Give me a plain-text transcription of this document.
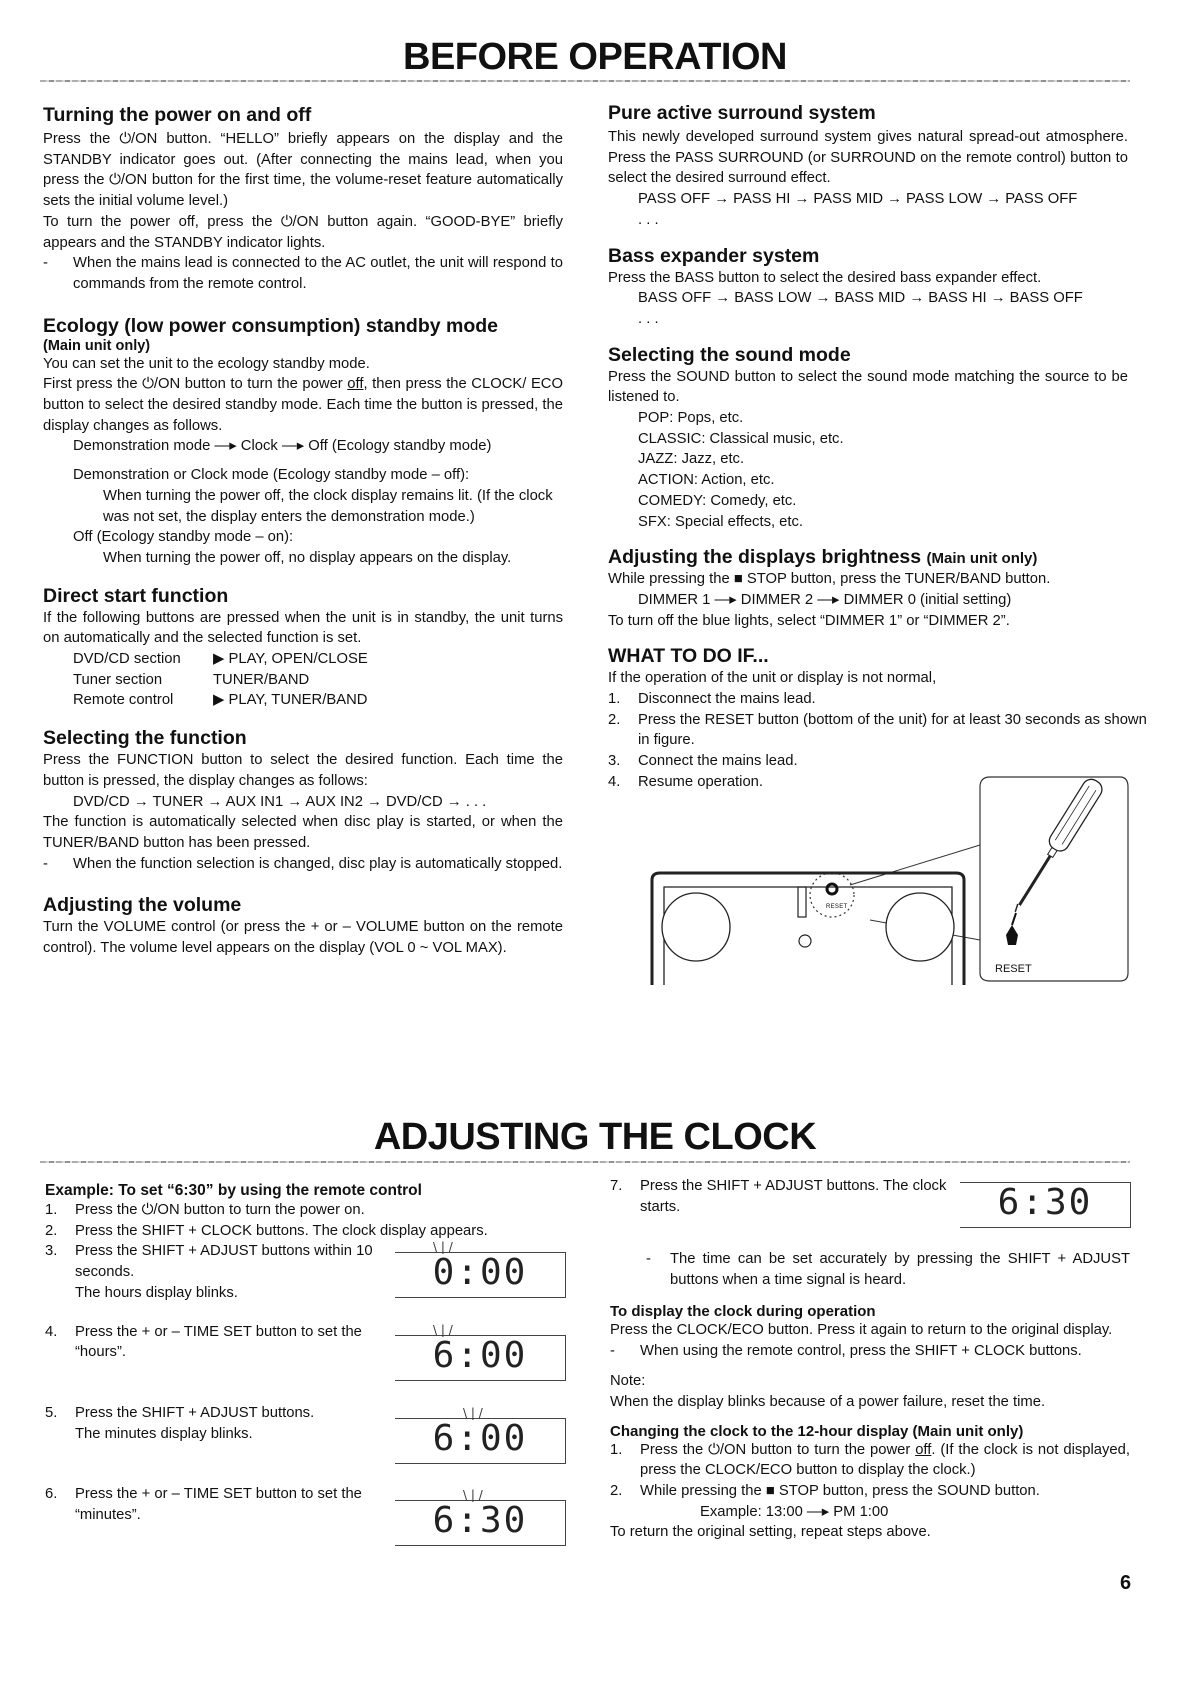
BEFORE OPERATION
Turning the power on and off
Press the ⏻/ON button. “HELLO” briefly appears on the display and the STANDBY indicator goes out. (After connecting the mains lead, when you press the ⏻/ON button for the first time, the volume-reset feature automatically sets the initial volume level.)
To turn the power off, press the ⏻/ON button again. “GOOD-BYE” briefly appears and the STANDBY indicator lights.
- When the mains lead is connected to the AC outlet, the unit will respond to commands from the remote control.
Ecology (low power consumption) standby mode
(Main unit only)
You can set the unit to the ecology standby mode.
First press the ⏻/ON button to turn the power off, then press the CLOCK/ ECO button to select the desired standby mode. Each time the button is pressed, the display changes as follows.
Demonstration mode —▸ Clock —▸ Off (Ecology standby mode)
Demonstration or Clock mode (Ecology standby mode – off):
When turning the power off, the clock display remains lit. (If the clock was not set, the display enters the demonstration mode.)
Off (Ecology standby mode – on):
When turning the power off, no display appears on the display.
Direct start function
If the following buttons are pressed when the unit is in standby, the unit turns on automatically and the selected function is set.
DVD/CD section	▶ PLAY, OPEN/CLOSE
Tuner section	TUNER/BAND
Remote control	▶ PLAY, TUNER/BAND
Selecting the function
Press the FUNCTION button to select the desired function. Each time the button is pressed, the display changes as follows:
DVD/CD → TUNER → AUX IN1 → AUX IN2 → DVD/CD → . . .
The function is automatically selected when disc play is started, or when the TUNER/BAND button has been pressed.
- When the function selection is changed, disc play is automatically stopped.
Adjusting the volume
Turn the VOLUME control (or press the + or – VOLUME button on the remote control). The volume level appears on the display (VOL 0 ~ VOL MAX).
Pure active surround system
This newly developed surround system gives natural spread-out atmosphere. Press the PASS SURROUND (or SURROUND on the remote control) button to select the desired surround effect.
PASS OFF → PASS HI → PASS MID → PASS LOW → PASS OFF
. . .
Bass expander system
Press the BASS button to select the desired bass expander effect.
BASS OFF → BASS LOW → BASS MID → BASS HI → BASS OFF
. . .
Selecting the sound mode
Press the SOUND button to select the sound mode matching the source to be listened to.
POP: Pops, etc.
CLASSIC: Classical music, etc.
JAZZ: Jazz, etc.
ACTION: Action, etc.
COMEDY: Comedy, etc.
SFX: Special effects, etc.
Adjusting the displays brightness (Main unit only)
While pressing the ■ STOP button, press the TUNER/BAND button.
DIMMER 1 —▸ DIMMER 2 —▸ DIMMER 0 (initial setting)
To turn off the blue lights, select “DIMMER 1” or “DIMMER 2”.
WHAT TO DO IF...
If the operation of the unit or display is not normal,
1. Disconnect the mains lead.
2. Press the RESET button (bottom of the unit) for at least 30 seconds as shown in figure.
3. Connect the mains lead.
4. Resume operation.
RESET
RESET
ADJUSTING THE CLOCK
Example: To set “6:30” by using the remote control
1. Press the ⏻/ON button to turn the power on.
2. Press the SHIFT + CLOCK buttons. The clock display appears.
3. Press the SHIFT + ADJUST buttons within 10 seconds.
The hours display blinks.
4. Press the + or – TIME SET button to set the “hours”.
5. Press the SHIFT + ADJUST buttons.
The minutes display blinks.
6. Press the + or – TIME SET button to set the “minutes”.
\ | /
0:00
\ | /
6:00
\ | /
6:00
\ | /
6:30
7. Press the SHIFT + ADJUST buttons. The clock starts.
- The time can be set accurately by pressing the SHIFT + ADJUST buttons when a time signal is heard.
To display the clock during operation
Press the CLOCK/ECO button. Press it again to return to the original display.
- When using the remote control, press the SHIFT + CLOCK buttons.
Note:
When the display blinks because of a power failure, reset the time.
Changing the clock to the 12-hour display (Main unit only)
1. Press the ⏻/ON button to turn the power off. (If the clock is not displayed, press the CLOCK/ECO button to display the clock.)
2. While pressing the ■ STOP button, press the SOUND button.
Example: 13:00 —▸ PM 1:00
To return the original setting, repeat steps above.
6:30
6
